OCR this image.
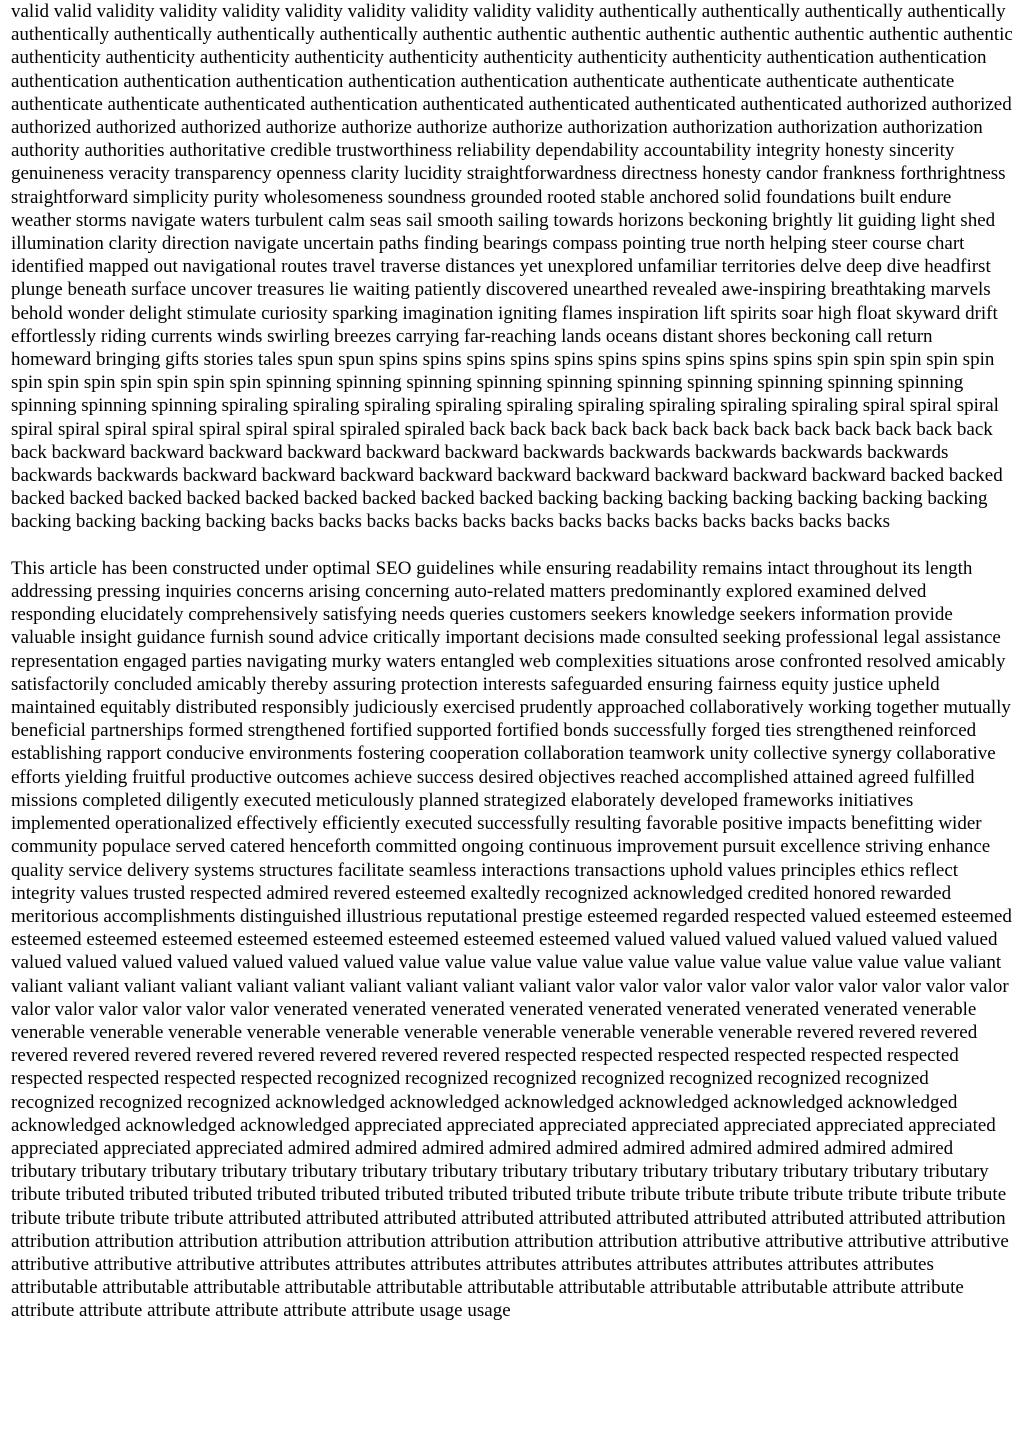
valid valid validity validity validity validity validity validity validity validity authentically authentically authentically authentically authentically authentically authentically authentically authentic authentic authentic authentic authentic authentic authentic authentic authenticity authenticity authenticity authenticity authenticity authenticity authenticity authenticity authentication authentication authentication authentication authentication authentication authentication authenticate authenticate authenticate authenticate authenticate authenticate authenticated authentication authenticated authenticated authenticated authenticated authorized authorized authorized authorized authorized authorize authorize authorize authorize authorization authorization authorization authorization authority authorities authoritative credible trustworthiness reliability dependability accountability integrity honesty sincerity genuineness veracity transparency openness clarity lucidity straightforwardness directness honesty candor frankness forthrightness straightforward simplicity purity wholesomeness soundness grounded rooted stable anchored solid foundations built endure weather storms navigate waters turbulent calm seas sail smooth sailing towards horizons beckoning brightly lit guiding light shed illumination clarity direction navigate uncertain paths finding bearings compass pointing true north helping steer course chart identified mapped out navigational routes travel traverse distances yet unexplored unfamiliar territories delve deep dive headfirst plunge beneath surface uncover treasures lie waiting patiently discovered unearthed revealed awe-inspiring breathtaking marvels behold wonder delight stimulate curiosity sparking imagination igniting flames inspiration lift spirits soar high float skyward drift effortlessly riding currents winds swirling breezes carrying far-reaching lands oceans distant shores beckoning call return homeward bringing gifts stories tales spun spun spins spins spins spins spins spins spins spins spins spins spin spin spin spin spin spin spin spin spin spin spin spin spinning spinning spinning spinning spinning spinning spinning spinning spinning spinning spinning spinning spinning spiraling spiraling spiraling spiraling spiraling spiraling spiraling spiraling spiraling spiral spiral spiral spiral spiral spiral spiral spiral spiral spiral spiraled spiraled back back back back back back back back back back back back back back backward backward backward backward backward backward backwards backwards backwards backwards backwards backwards backwards backward backward backward backward backward backward backward backward backward backed backed backed backed backed backed backed backed backed backed backed backing backing backing backing backing backing backing backing backing backing backing backs backs backs backs backs backs backs backs backs backs backs backs backs

This article has been constructed under optimal SEO guidelines while ensuring readability remains intact throughout its length addressing pressing inquiries concerns arising concerning auto-related matters predominantly explored examined delved responding elucidately comprehensively satisfying needs queries customers seekers knowledge seekers information provide valuable insight guidance furnish sound advice critically important decisions made consulted seeking professional legal assistance representation engaged parties navigating murky waters entangled web complexities situations arose confronted resolved amicably satisfactorily concluded amicably thereby assuring protection interests safeguarded ensuring fairness equity justice upheld maintained equitably distributed responsibly judiciously exercised prudently approached collaboratively working together mutually beneficial partnerships formed strengthened fortified supported fortified bonds successfully forged ties strengthened reinforced establishing rapport conducive environments fostering cooperation collaboration teamwork unity collective synergy collaborative efforts yielding fruitful productive outcomes achieve success desired objectives reached accomplished attained agreed fulfilled missions completed diligently executed meticulously planned strategized elaborately developed frameworks initiatives implemented operationalized effectively efficiently executed successfully resulting favorable positive impacts benefitting wider community populace served catered henceforth committed ongoing continuous improvement pursuit excellence striving enhance quality service delivery systems structures facilitate seamless interactions transactions uphold values principles ethics reflect integrity values trusted respected admired revered esteemed exaltedly recognized acknowledged credited honored rewarded meritorious accomplishments distinguished illustrious reputational prestige esteemed regarded respected valued esteemed esteemed esteemed esteemed esteemed esteemed esteemed esteemed esteemed esteemed valued valued valued valued valued valued valued valued valued valued valued valued valued valued value value value value value value value value value value value value valiant valiant valiant valiant valiant valiant valiant valiant valiant valiant valiant valor valor valor valor valor valor valor valor valor valor valor valor valor valor valor valor venerated venerated venerated venerated venerated venerated venerated venerated venerable venerable venerable venerable venerable venerable venerable venerable venerable venerable venerable revered revered revered revered revered revered revered revered revered revered revered respected respected respected respected respected respected respected respected respected respected recognized recognized recognized recognized recognized recognized recognized recognized recognized recognized acknowledged acknowledged acknowledged acknowledged acknowledged acknowledged acknowledged acknowledged acknowledged appreciated appreciated appreciated appreciated appreciated appreciated appreciated appreciated appreciated appreciated admired admired admired admired admired admired admired admired admired admired tributary tributary tributary tributary tributary tributary tributary tributary tributary tributary tributary tributary tributary tributary tribute tributed tributed tributed tributed tributed tributed tributed tributed tribute tribute tribute tribute tribute tribute tribute tribute tribute tribute tribute tribute attributed attributed attributed attributed attributed attributed attributed attributed attributed attribution attribution attribution attribution attribution attribution attribution attribution attribution attributive attributive attributive attributive attributive attributive attributive attributes attributes attributes attributes attributes attributes attributes attributes attributes attributable attributable attributable attributable attributable attributable attributable attributable attributable attribute attribute attribute attribute attribute attribute attribute attribute usage usage
